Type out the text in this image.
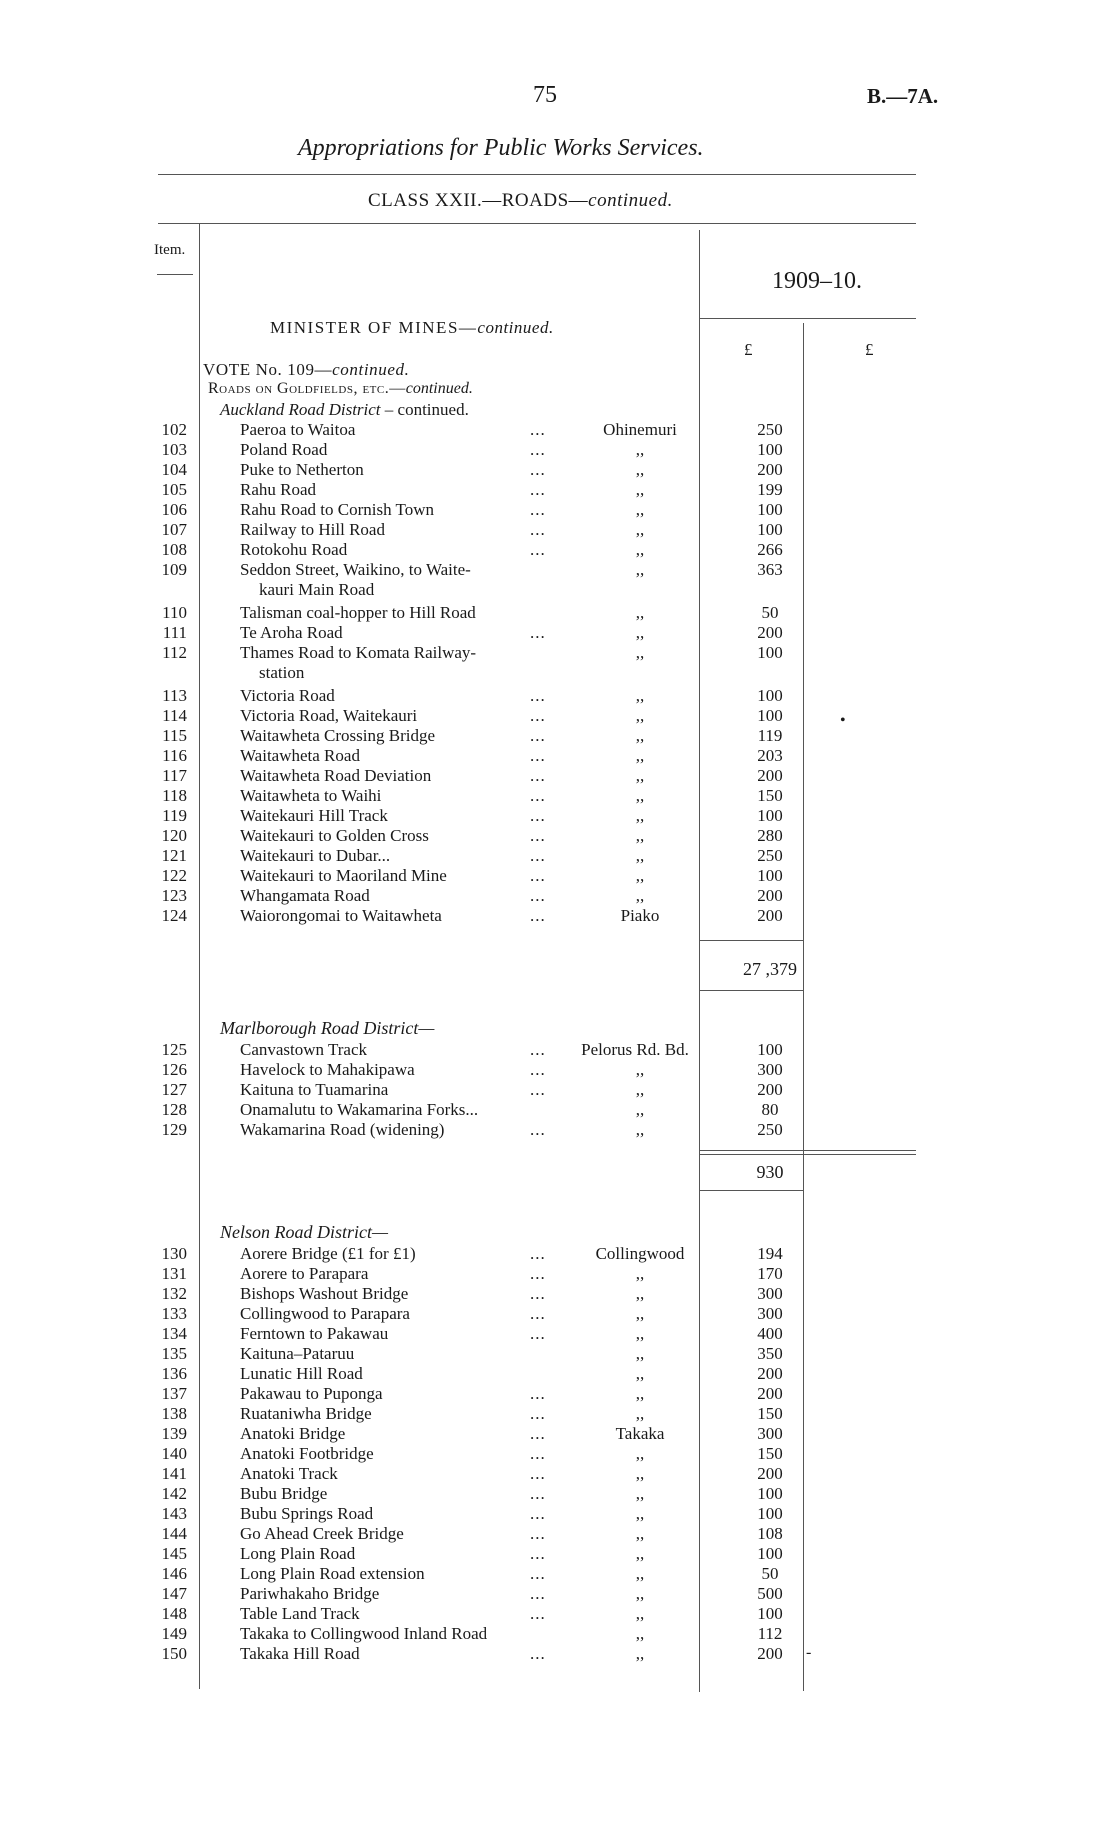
75	B.—7A.
Appropriations for Public Works Services.
CLASS XXII.—ROADS—continued.
Item.
1909–10.
£	£
MINISTER OF MINES—continued.
VOTE No. 109—continued.
Roads on Goldfields, etc.—continued.
Auckland Road District – continued.
102	Paeroa to Waitoa	...	Ohinemuri	250
103	Poland Road	...	,,	100
104	Puke to Netherton	...	,,	200
105	Rahu Road	...	,,	199
106	Rahu Road to Cornish Town	...	,,	100
107	Railway to Hill Road	...	,,	100
108	Rotokohu Road	...	,,	266
109	Seddon Street, Waikino, to Waite-	,,	363
kauri Main Road
110	Talisman coal-hopper to Hill Road	,,	50
111	Te Aroha Road	...	,,	200
112	Thames Road to Komata Railway-	,,	100
station
113	Victoria Road	...	,,	100
114	Victoria Road, Waitekauri	...	,,	100
115	Waitawheta Crossing Bridge	...	,,	119
116	Waitawheta Road	...	,,	203
117	Waitawheta Road Deviation	...	,,	200
118	Waitawheta to Waihi	...	,,	150
119	Waitekauri Hill Track	...	,,	100
120	Waitekauri to Golden Cross	...	,,	280
121	Waitekauri to Dubar...	...	,,	250
122	Waitekauri to Maoriland Mine	...	,,	100
123	Whangamata Road	...	,,	200
124	Waiorongomai to Waitawheta	...	Piako	200
27 ,379
Marlborough Road District—
125	Canvastown Track	...	Pelorus Rd. Bd.	100
126	Havelock to Mahakipawa	...	,,	300
127	Kaituna to Tuamarina	...	,,	200
128	Onamalutu to Wakamarina Forks...	,,	80
129	Wakamarina Road (widening)	...	,,	250
930
Nelson Road District—
130	Aorere Bridge (£1 for £1)	...	Collingwood	194
131	Aorere to Parapara	...	,,	170
132	Bishops Washout Bridge	...	,,	300
133	Collingwood to Parapara	...	,,	300
134	Ferntown to Pakawau	...	,,	400
135	Kaituna–Pataruu	,,	350
136	Lunatic Hill Road	,,	200
137	Pakawau to Puponga	...	,,	200
138	Ruataniwha Bridge	...	,,	150
139	Anatoki Bridge	...	Takaka	300
140	Anatoki Footbridge	...	,,	150
141	Anatoki Track	...	,,	200
142	Bubu Bridge	...	,,	100
143	Bubu Springs Road	...	,,	100
144	Go Ahead Creek Bridge	...	,,	108
145	Long Plain Road	...	,,	100
146	Long Plain Road extension	...	,,	50
147	Pariwhakaho Bridge	...	,,	500
148	Table Land Track	...	,,	100
149	Takaka to Collingwood Inland Road	,,	112
150	Takaka Hill Road	...	,,	200
•
-
